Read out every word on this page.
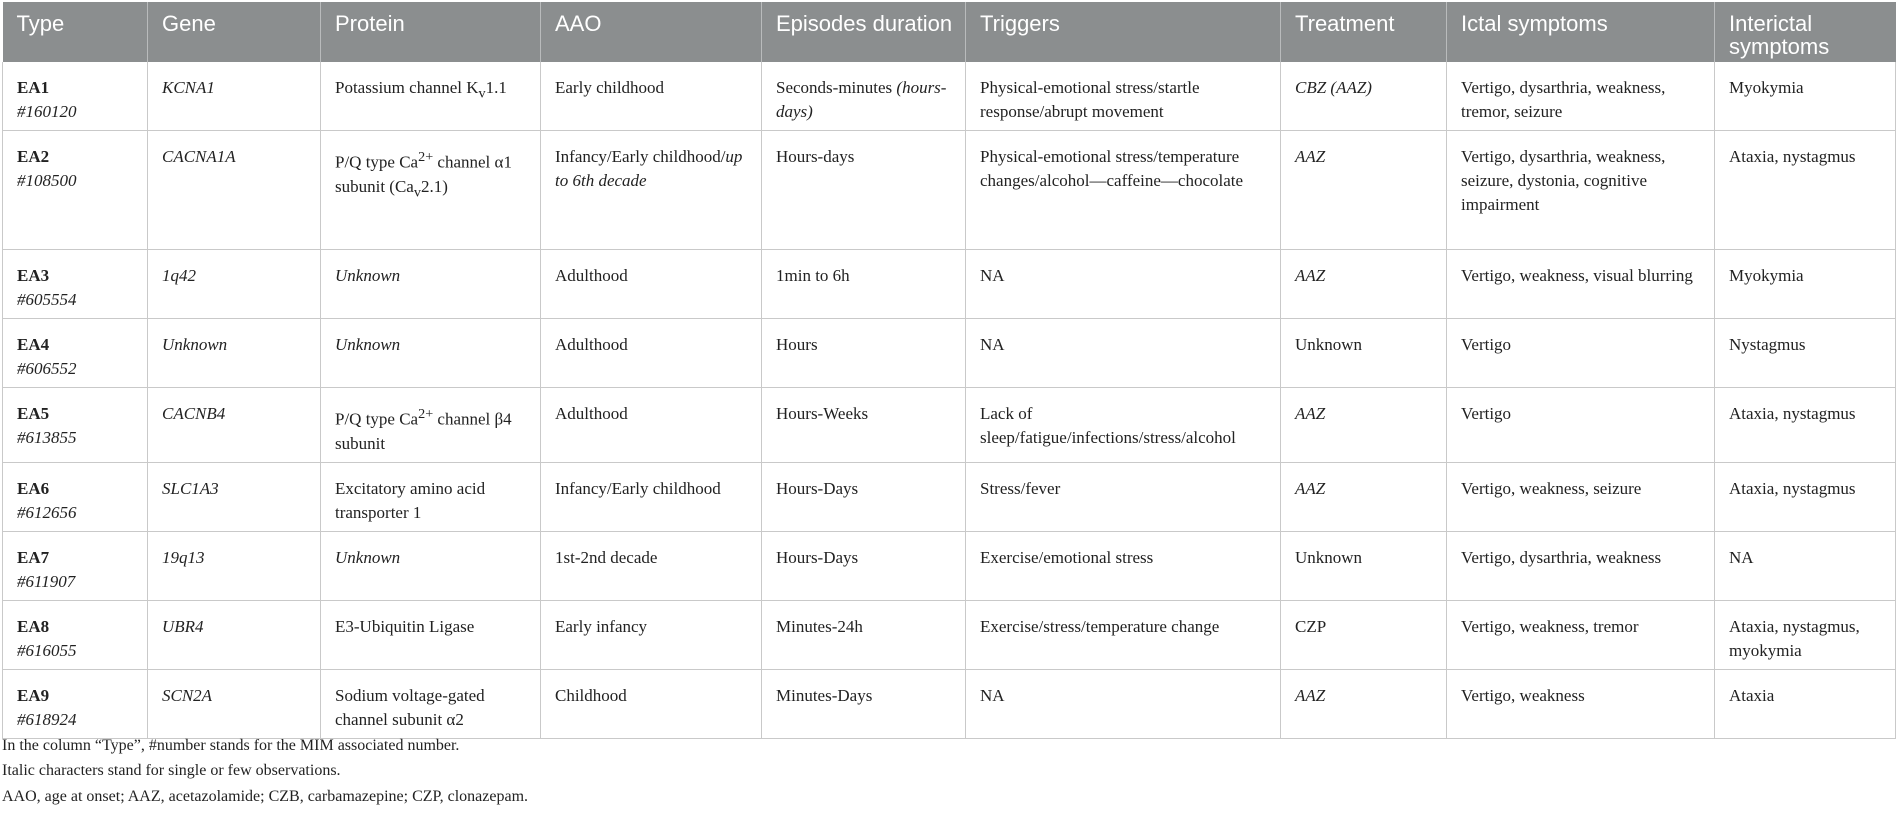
Type	Gene	Protein	AAO	Episodes duration	Triggers	Treatment	Ictal symptoms	Interictal symptoms

EA1
#160120	KCNA1	Potassium channel $K_v1.1$	Early childhood	Seconds-minutes (hours-days)	Physical-emotional stress/startle response/abrupt movement	CBZ (AAZ)	Vertigo, dysarthria, weakness, tremor, seizure	Myokymia

EA2
#108500	CACNA1A	P/Q type $Ca^{2+}$ channel α1 subunit $(Ca_v2.1)$	Infancy/Early childhood/up to 6th decade	Hours-days	Physical-emotional stress/temperature changes/alcohol—caffeine—chocolate	AAZ	Vertigo, dysarthria, weakness, seizure, dystonia, cognitive impairment	Ataxia, nystagmus

EA3
#605554	1q42	Unknown	Adulthood	1min to 6h	NA	AAZ	Vertigo, weakness, visual blurring	Myokymia

EA4
#606552	Unknown	Unknown	Adulthood	Hours	NA	Unknown	Vertigo	Nystagmus

EA5
#613855	CACNB4	P/Q type $Ca^{2+}$ channel β4 subunit	Adulthood	Hours-Weeks	Lack of sleep/fatigue/infections/stress/alcohol	AAZ	Vertigo	Ataxia, nystagmus

EA6
#612656	SLC1A3	Excitatory amino acid transporter 1	Infancy/Early childhood	Hours-Days	Stress/fever	AAZ	Vertigo, weakness, seizure	Ataxia, nystagmus

EA7
#611907	19q13	Unknown	1st-2nd decade	Hours-Days	Exercise/emotional stress	Unknown	Vertigo, dysarthria, weakness	NA

EA8
#616055	UBR4	E3-Ubiquitin Ligase	Early infancy	Minutes-24h	Exercise/stress/temperature change	CZP	Vertigo, weakness, tremor	Ataxia, nystagmus, myokymia

EA9
#618924	SCN2A	Sodium voltage-gated channel subunit α2	Childhood	Minutes-Days	NA	AAZ	Vertigo, weakness	Ataxia
In the column “Type”, #number stands for the MIM associated number.
Italic characters stand for single or few observations.
AAO, age at onset; AAZ, acetazolamide; CZB, carbamazepine; CZP, clonazepam.
